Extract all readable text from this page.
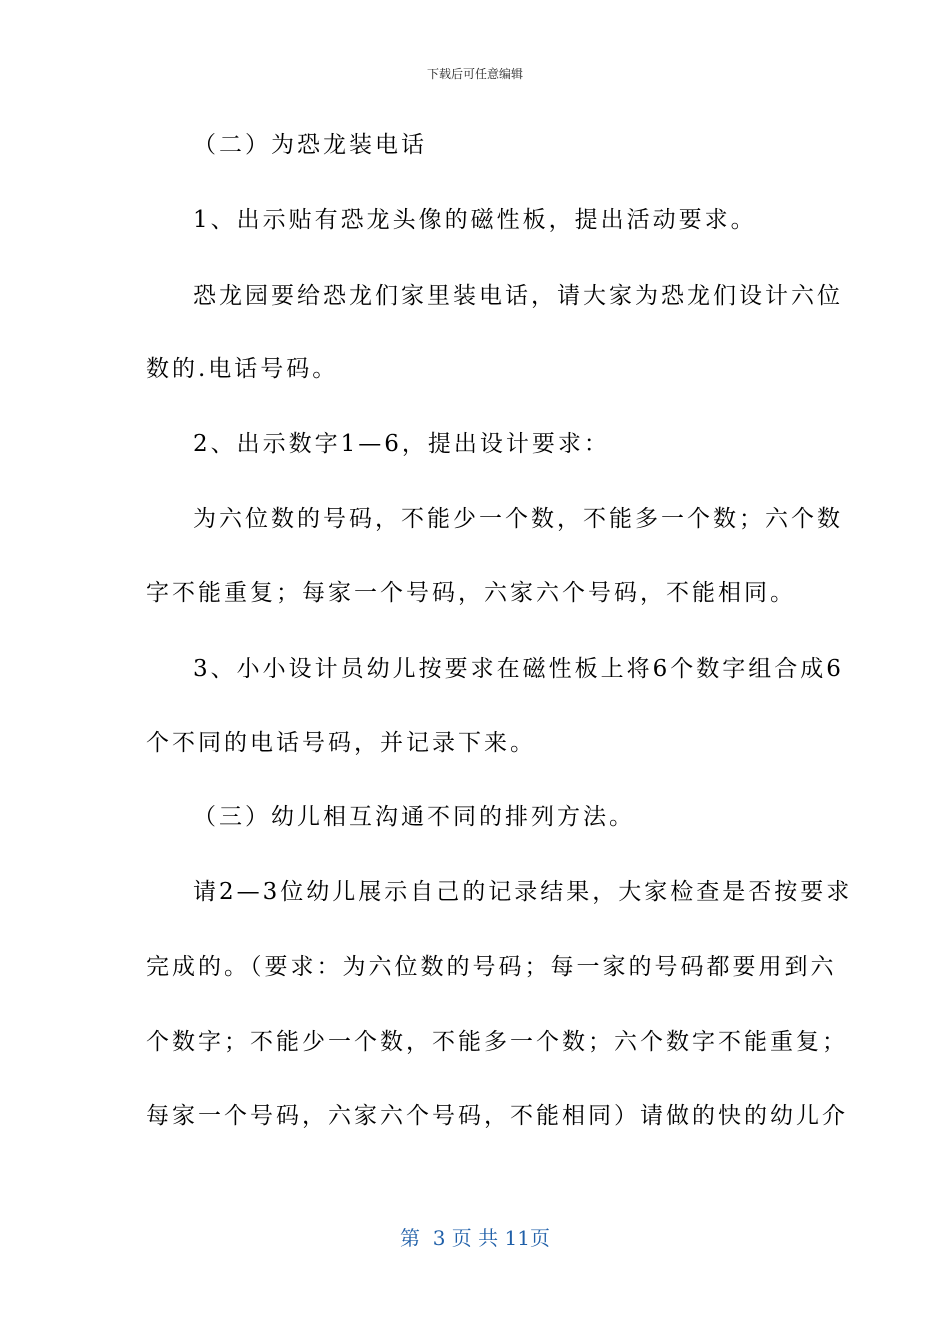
下载后可任意编辑
（二）为恐龙装电话
1、出示贴有恐龙头像的磁性板，提出活动要求。
恐龙园要给恐龙们家里装电话，请大家为恐龙们设计六位
数的.电话号码。
2、出示数字1—6，提出设计要求：
为六位数的号码，不能少一个数，不能多一个数；六个数
字不能重复；每家一个号码，六家六个号码，不能相同。
3、小小设计员幼儿按要求在磁性板上将6个数字组合成6
个不同的电话号码，并记录下来。
（三）幼儿相互沟通不同的排列方法。
请2—3位幼儿展示自己的记录结果，大家检查是否按要求
完成的。（要求：为六位数的号码；每一家的号码都要用到六
个数字；不能少一个数，不能多一个数；六个数字不能重复；
每家一个号码，六家六个号码，不能相同）请做的快的幼儿介
第  3 页 共 11页
